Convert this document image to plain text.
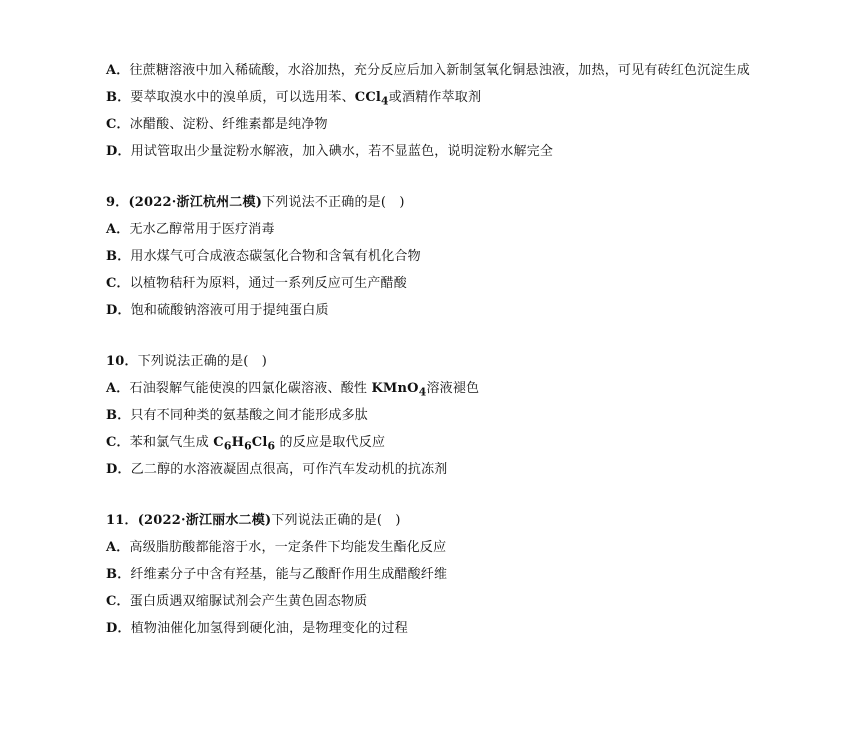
A．往蔗糖溶液中加入稀硫酸，水浴加热，充分反应后加入新制氢氧化铜悬浊液，加热，可见有砖红色沉淀生成
B．要萃取溴水中的溴单质，可以选用苯、CCl$_4$或酒精作萃取剂
C．冰醋酸、淀粉、纤维素都是纯净物
D．用试管取出少量淀粉水解液，加入碘水，若不显蓝色，说明淀粉水解完全
9．(2022·浙江杭州二模)下列说法不正确的是(　)
A．无水乙醇常用于医疗消毒
B．用水煤气可合成液态碳氢化合物和含氧有机化合物
C．以植物秸秆为原料，通过一系列反应可生产醋酸
D．饱和硫酸钠溶液可用于提纯蛋白质
10．下列说法正确的是(　)
A．石油裂解气能使溴的四氯化碳溶液、酸性 KMnO$_4$溶液褪色
B．只有不同种类的氨基酸之间才能形成多肽
C．苯和氯气生成 $C_6H_6Cl_6$ 的反应是取代反应
D．乙二醇的水溶液凝固点很高，可作汽车发动机的抗冻剂
11．(2022·浙江丽水二模)下列说法正确的是(　)
A．高级脂肪酸都能溶于水，一定条件下均能发生酯化反应
B．纤维素分子中含有羟基，能与乙酸酐作用生成醋酸纤维
C．蛋白质遇双缩脲试剂会产生黄色固态物质
D．植物油催化加氢得到硬化油，是物理变化的过程
